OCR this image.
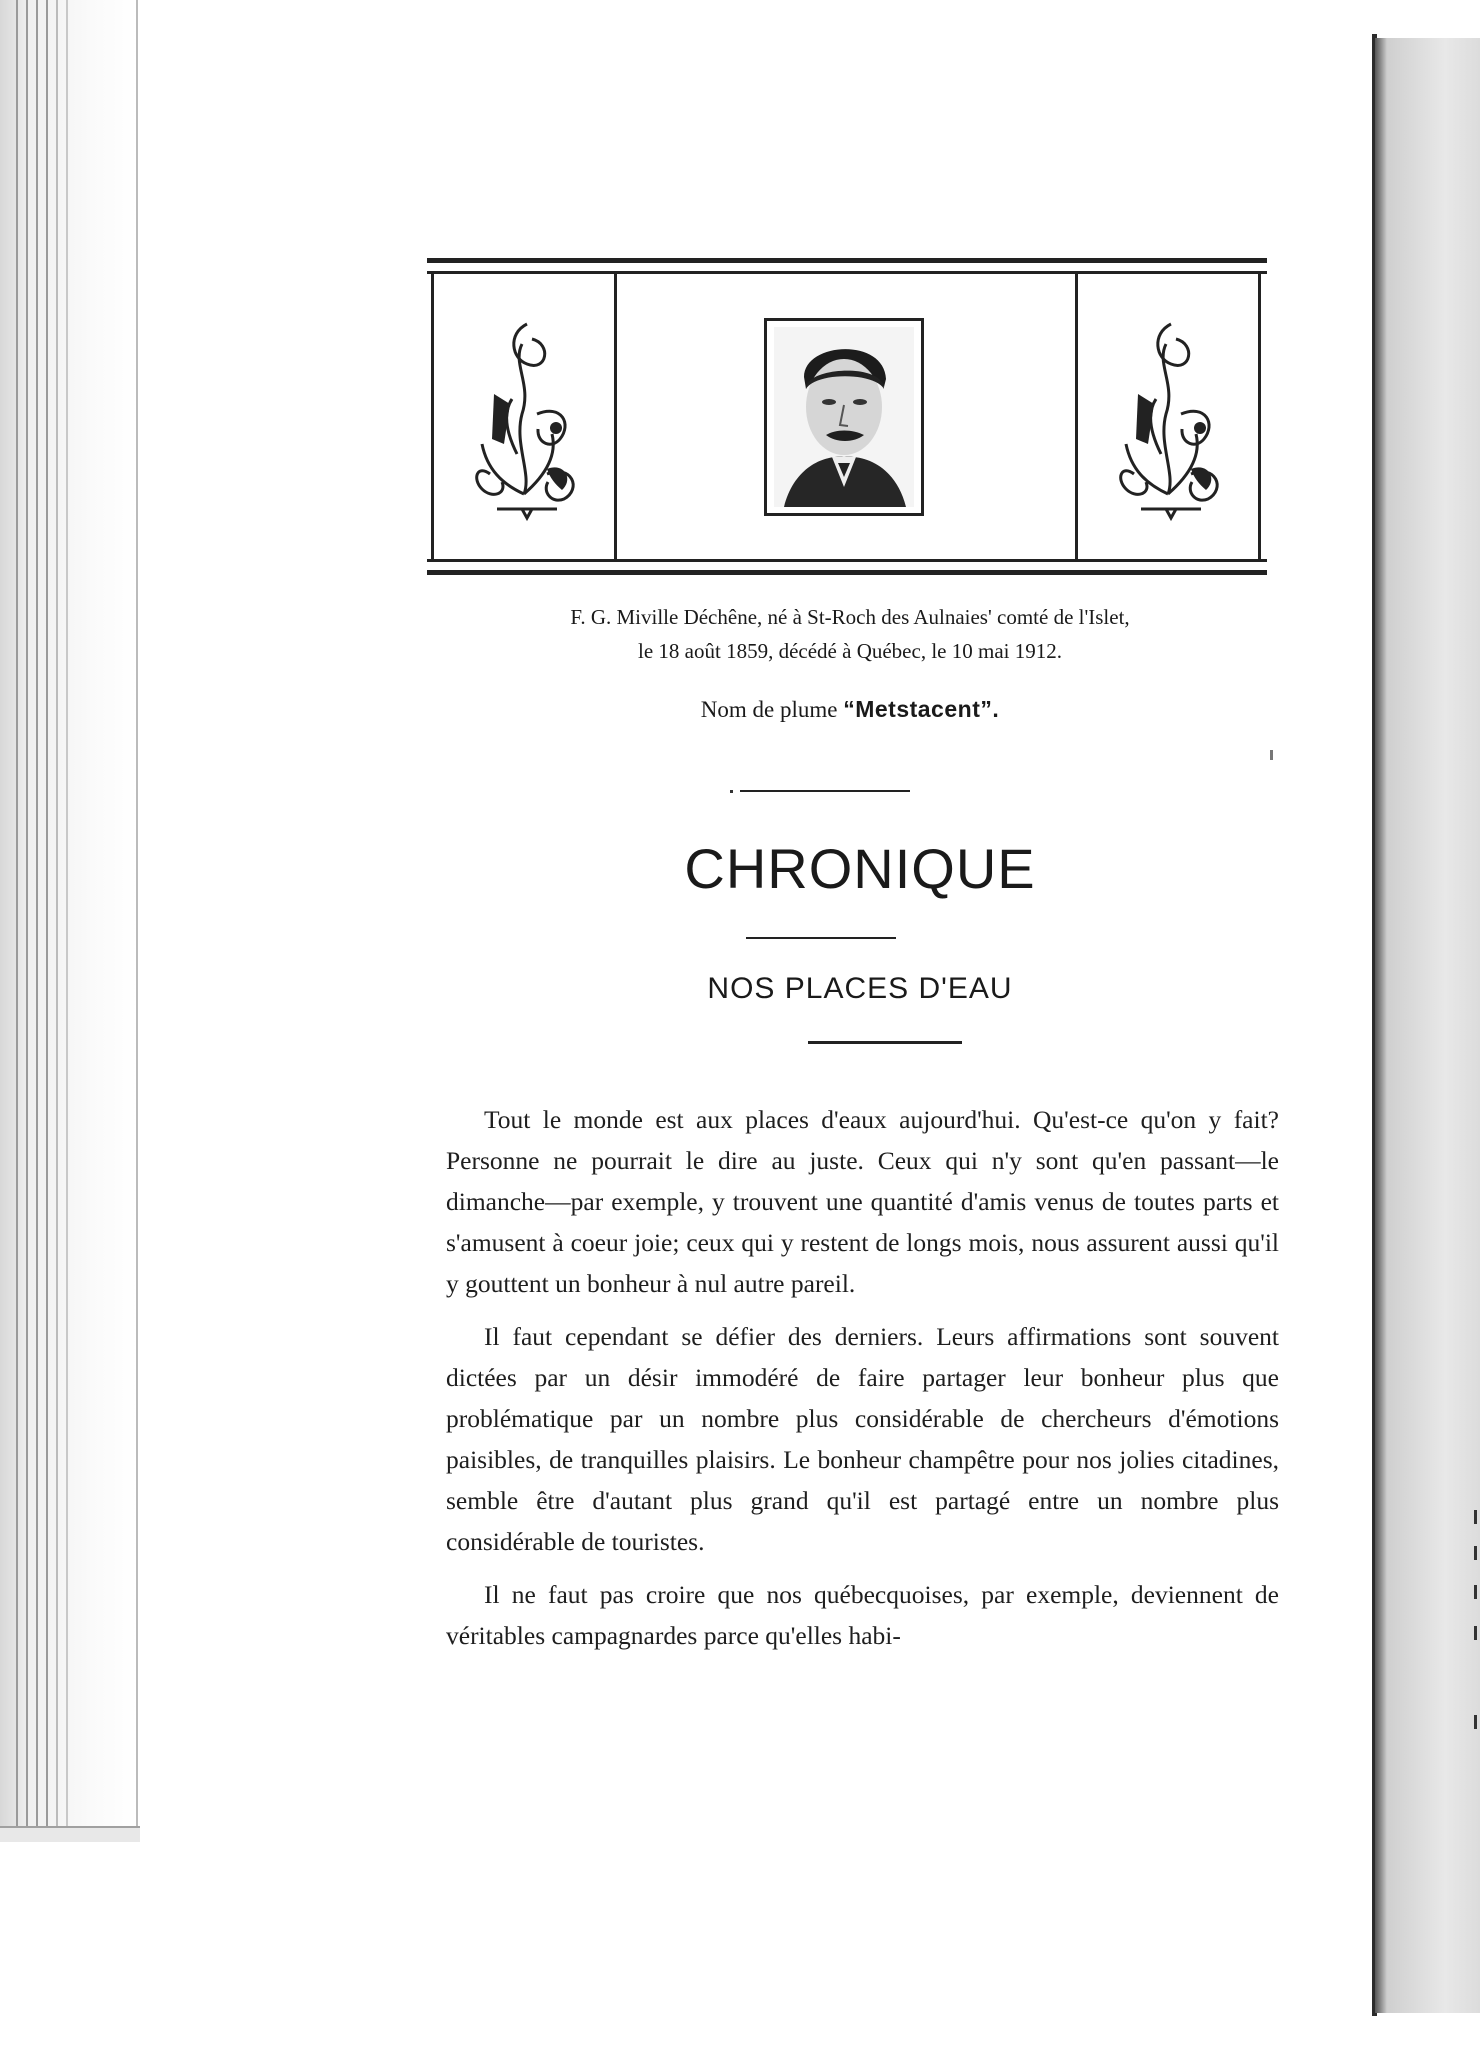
F. G. Miville Déchêne, né à St-Roch des Aulnaies' comté de l'Islet,
le 18 août 1859, décédé à Québec, le 10 mai 1912.
Nom de plume “Metstacent”.
CHRONIQUE
NOS PLACES D'EAU

Tout le monde est aux places d'eaux aujourd'hui. Qu'est-ce qu'on y fait? Personne ne pourrait le dire au juste. Ceux qui n'y sont qu'en passant—le dimanche—par exemple, y trouvent une quantité d'amis venus de toutes parts et s'amusent à coeur joie; ceux qui y restent de longs mois, nous assurent aussi qu'il y gouttent un bonheur à nul autre pareil.

Il faut cependant se défier des derniers. Leurs affirmations sont souvent dictées par un désir immodéré de faire partager leur bonheur plus que problématique par un nombre plus considérable de chercheurs d'émotions paisibles, de tranquilles plaisirs. Le bonheur champêtre pour nos jolies citadines, semble être d'autant plus grand qu'il est partagé entre un nombre plus considérable de touristes.

Il ne faut pas croire que nos québecquoises, par exemple, deviennent de véritables campagnardes parce qu'elles habi-
